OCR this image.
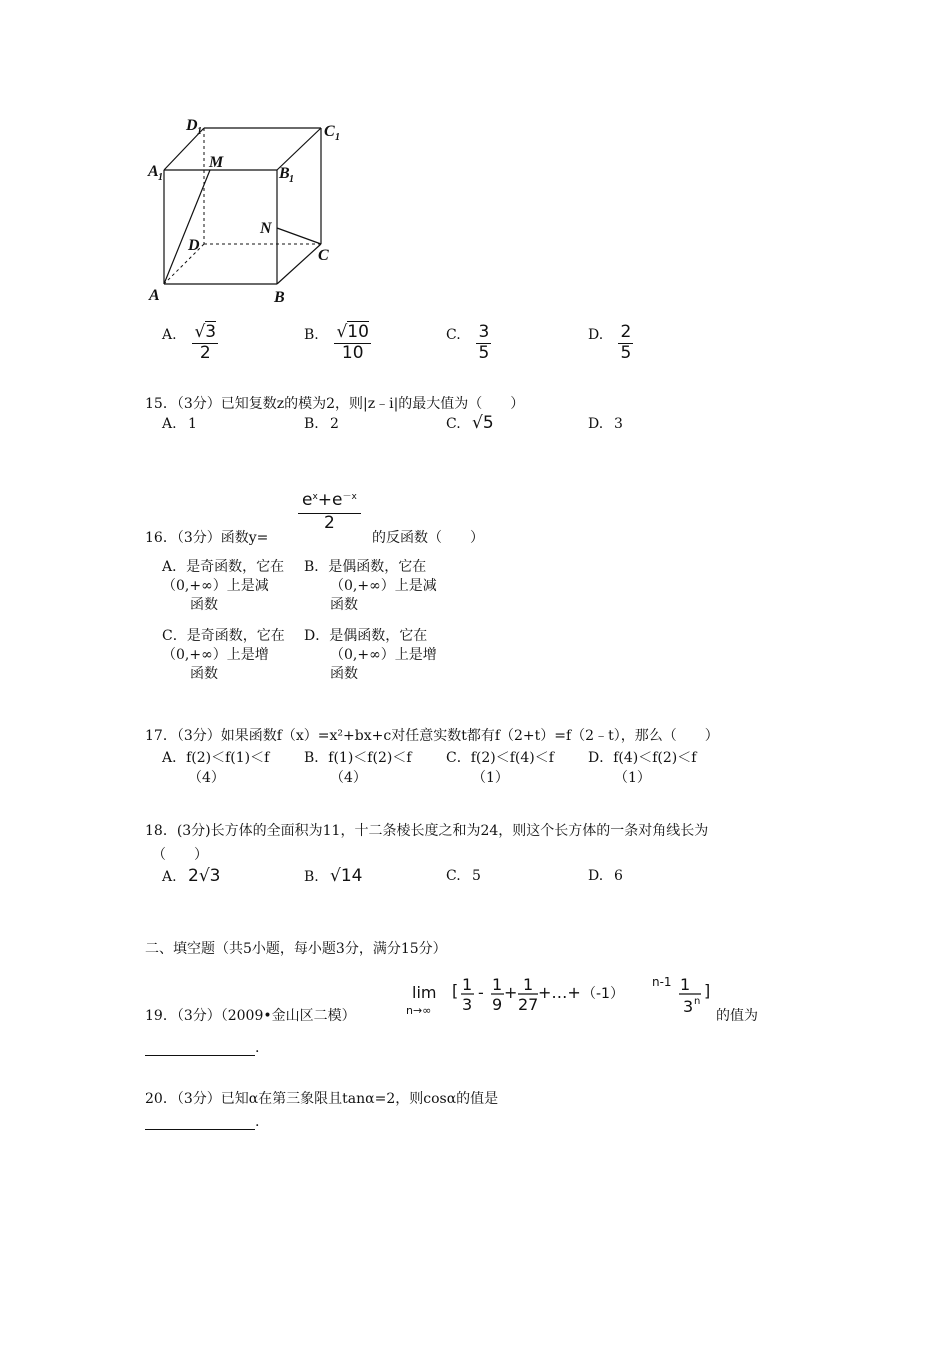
D 1	C 1
A 1	B 1
M
N
D
C
A	B
A. $\frac{√3}{2}$	B. $\frac{√10}{10}$	C. $\frac{3}{5}$	D. $\frac{2}{5}$
15．（3分）已知复数z的模为2，则|z﹣i|的最大值为（　　）
A. 1	B. 2	C. √5	D. 3
16．（3分）函数y=
$\frac{e^x+e^{-x}}{2}$
的反函数（　　）
A．是奇函数，它在
（0,+∞）上是减
函数
B．是偶函数，它在
（0,+∞）上是减
函数
C．是奇函数，它在
（0,+∞）上是增
函数
D．是偶函数，它在
（0,+∞）上是增
函数
17．（3分）如果函数f（x）=x²+bx+c对任意实数t都有f（2+t）=f（2﹣t），那么（　　）
A．f(2)＜f(1)＜f
（4）
B．f(1)＜f(2)＜f
（4）
C．f(2)＜f(4)＜f
（1）
D．f(4)＜f(2)＜f
（1）
18．(3分)长方体的全面积为11，十二条棱长度之和为24，则这个长方体的一条对角线长为
（　　）
A. 2√3	B. √14	C. 5	D. 6
二、填空题（共5小题，每小题3分，满分15分）
19．（3分）（2009•金山区二模）
lim
n→∞
[ 1
3
- 1
9
+ 1
27
+…+ （-1）
n-1 1
3 n
]
的值为
.
20．（3分）已知α在第三象限且tanα=2，则cosα的值是
.
